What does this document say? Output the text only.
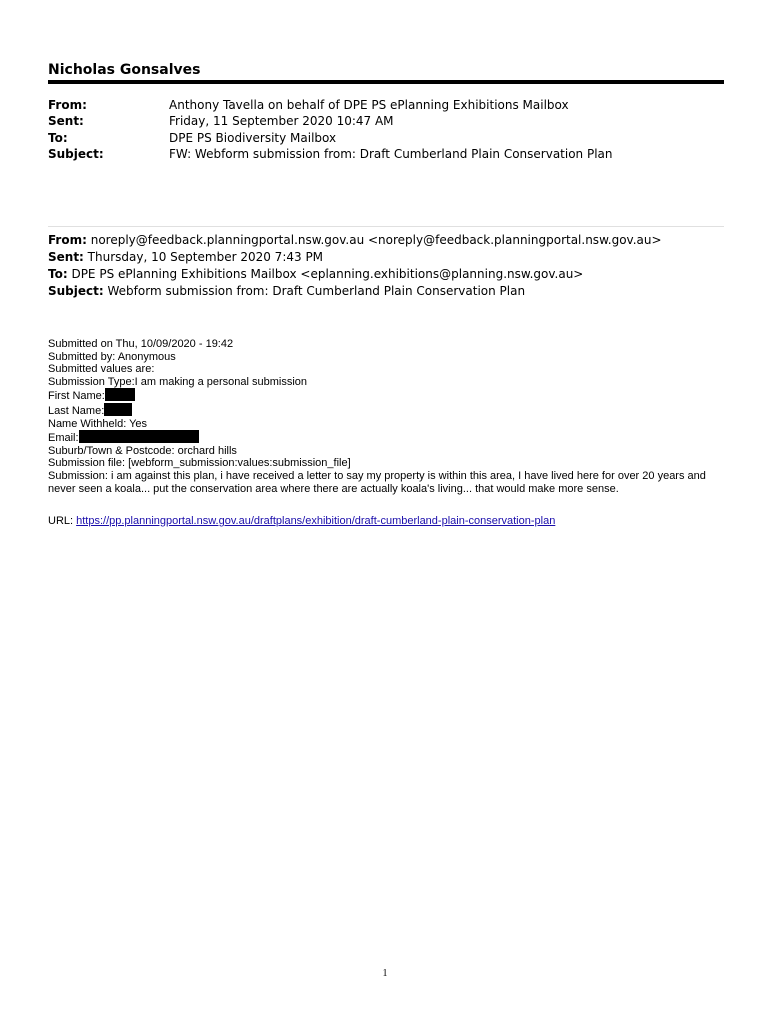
Nicholas Gonsalves
From:	Anthony Tavella on behalf of DPE PS ePlanning Exhibitions Mailbox
Sent:	Friday, 11 September 2020 10:47 AM
To:	DPE PS Biodiversity Mailbox
Subject:	FW: Webform submission from: Draft Cumberland Plain Conservation Plan
From: noreply@feedback.planningportal.nsw.gov.au <noreply@feedback.planningportal.nsw.gov.au>
Sent: Thursday, 10 September 2020 7:43 PM
To: DPE PS ePlanning Exhibitions Mailbox <eplanning.exhibitions@planning.nsw.gov.au>
Subject: Webform submission from: Draft Cumberland Plain Conservation Plan
Submitted on Thu, 10/09/2020 - 19:42
Submitted by: Anonymous
Submitted values are:
Submission Type:I am making a personal submission
First Name:
Last Name:
Name Withheld: Yes
Email:
Suburb/Town & Postcode: orchard hills
Submission file: [webform_submission:values:submission_file]
Submission: i am against this plan, i have received a letter to say my property is within this area, I have lived here for over 20 years and never seen a koala... put the conservation area where there are actually koala's living... that would make more sense.
URL: https://pp.planningportal.nsw.gov.au/draftplans/exhibition/draft-cumberland-plain-conservation-plan
1
